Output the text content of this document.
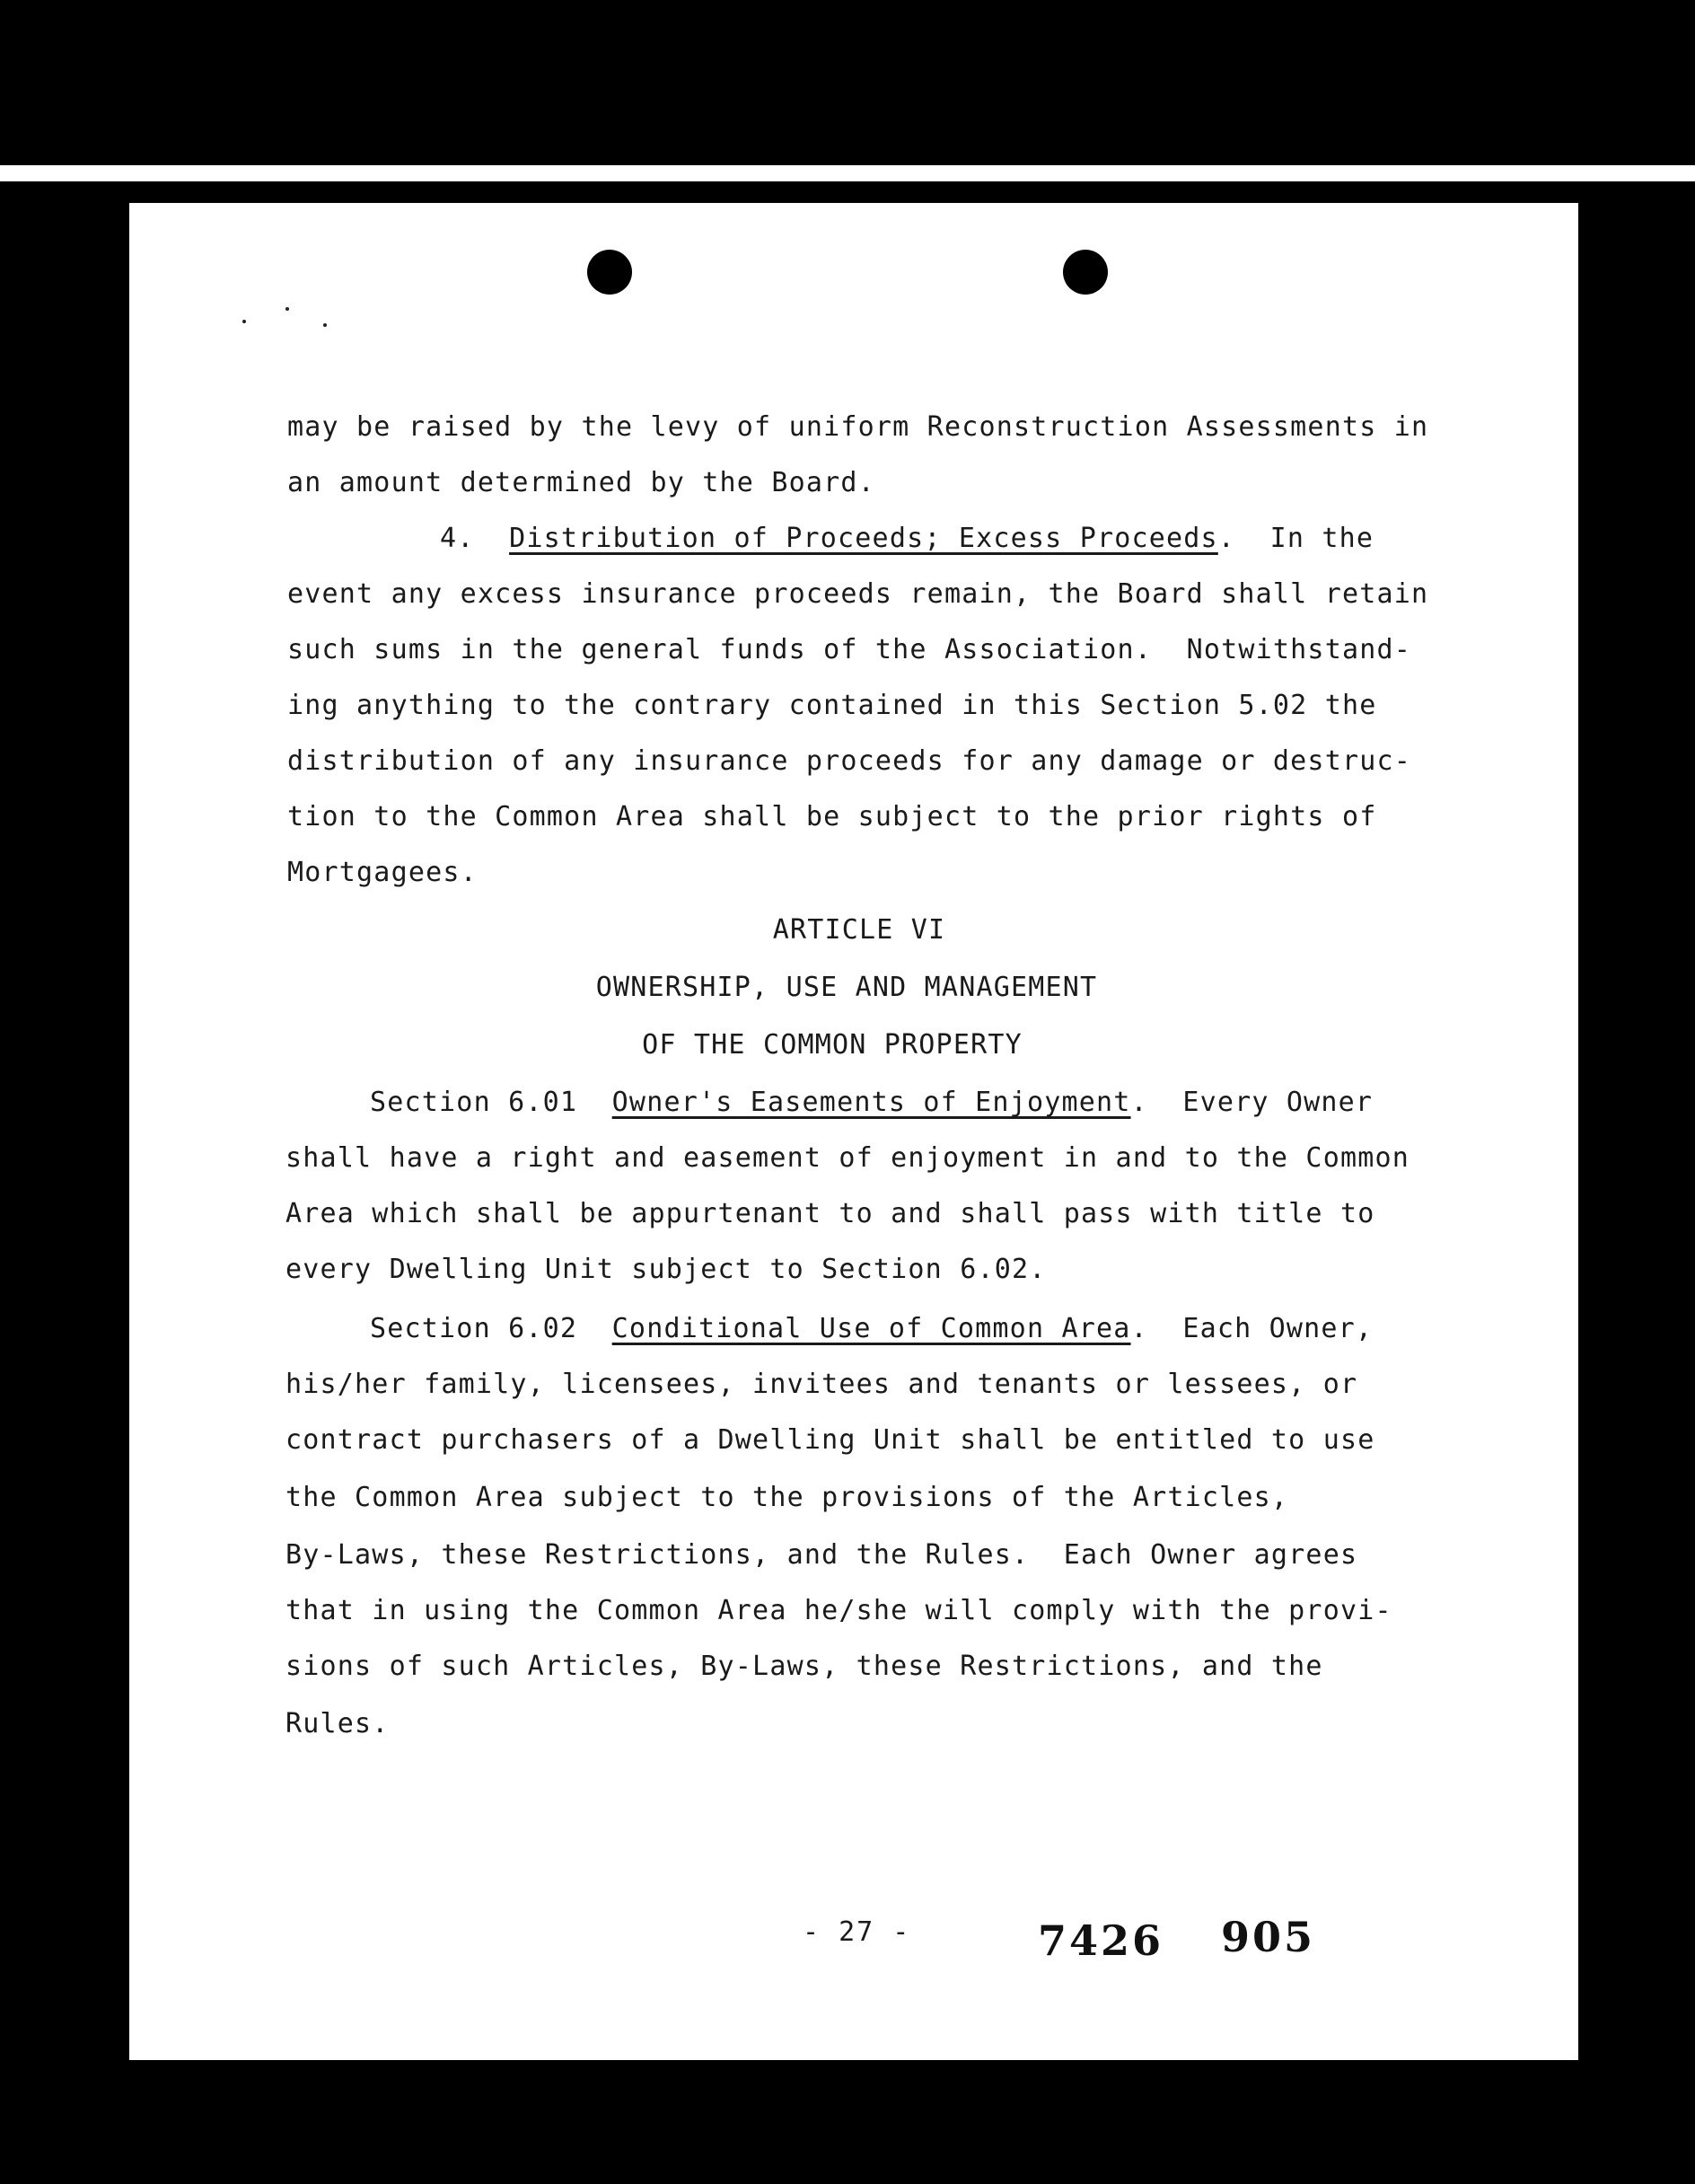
may be raised by the levy of uniform Reconstruction Assessments in
an amount determined by the Board.
4. Distribution of Proceeds; Excess Proceeds.  In the
event any excess insurance proceeds remain, the Board shall retain
such sums in the general funds of the Association.  Notwithstand-
ing anything to the contrary contained in this Section 5.02 the
distribution of any insurance proceeds for any damage or destruc-
tion to the Common Area shall be subject to the prior rights of
Mortgagees.
ARTICLE VI
OWNERSHIP, USE AND MANAGEMENT
OF THE COMMON PROPERTY
Section 6.01 Owner's Easements of Enjoyment.  Every Owner
shall have a right and easement of enjoyment in and to the Common
Area which shall be appurtenant to and shall pass with title to
every Dwelling Unit subject to Section 6.02.
Section 6.02 Conditional Use of Common Area.  Each Owner,
his/her family, licensees, invitees and tenants or lessees, or
contract purchasers of a Dwelling Unit shall be entitled to use
the Common Area subject to the provisions of the Articles,
By-Laws, these Restrictions, and the Rules.  Each Owner agrees
that in using the Common Area he/she will comply with the provi-
sions of such Articles, By-Laws, these Restrictions, and the
Rules.
- 27 -	7426 905
